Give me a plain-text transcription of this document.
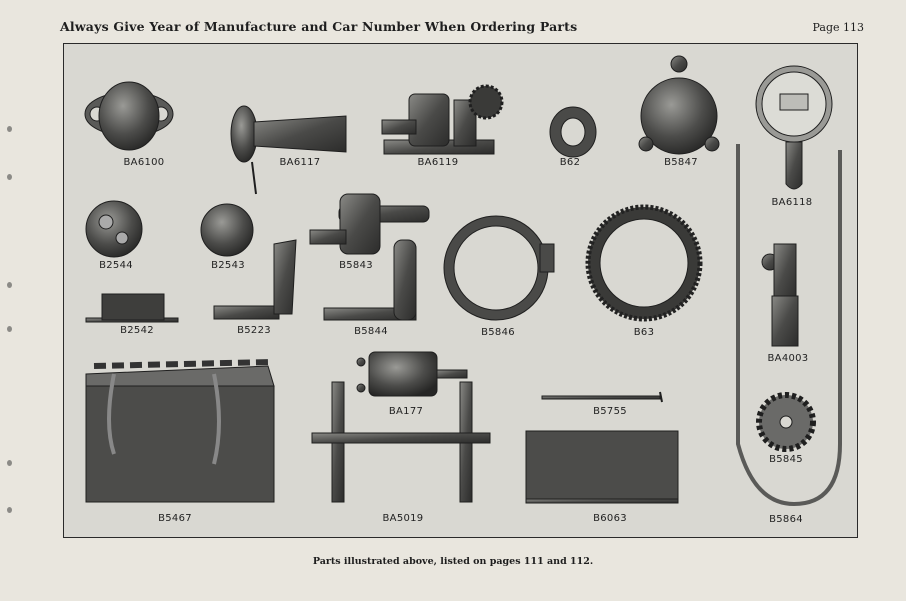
Always Give Year of Manufacture and Car Number When Ordering Parts	Page 113
BA6100	BA6117	BA6119	B62	B5847
BA6118
B2544	B2543	B5843
B5846	B63
B2542	B5223	B5844
BA4003
BA177	B5755
B5845
B5467	BA5019	B6063	B5864
Parts illustrated above, listed on pages 111 and 112.
